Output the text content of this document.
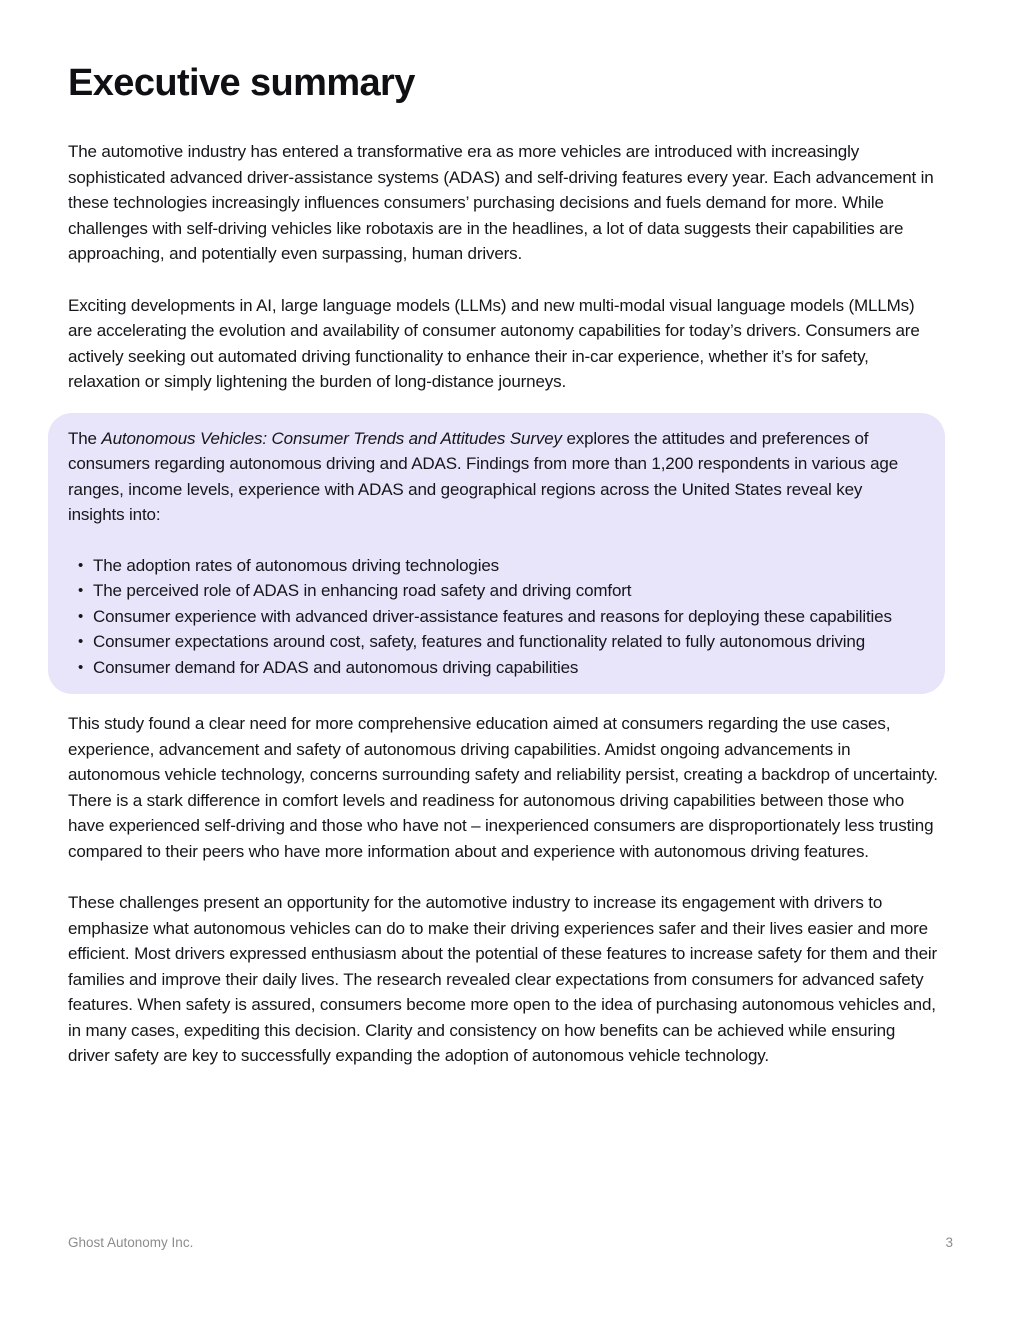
Executive summary

The automotive industry has entered a transformative era as more vehicles are introduced with increasingly sophisticated advanced driver-assistance systems (ADAS) and self-driving features every year. Each advancement in these technologies increasingly influences consumers’ purchasing decisions and fuels demand for more. While challenges with self-driving vehicles like robotaxis are in the headlines, a lot of data suggests their capabilities are approaching, and potentially even surpassing, human drivers.

Exciting developments in AI, large language models (LLMs) and new multi-modal visual language models (MLLMs) are accelerating the evolution and availability of consumer autonomy capabilities for today’s drivers. Consumers are actively seeking out automated driving functionality to enhance their in-car experience, whether it’s for safety, relaxation or simply lightening the burden of long-distance journeys.

The Autonomous Vehicles: Consumer Trends and Attitudes Survey explores the attitudes and preferences of consumers regarding autonomous driving and ADAS. Findings from more than 1,200 respondents in various age ranges, income levels, experience with ADAS and geographical regions across the United States reveal key insights into:

• The adoption rates of autonomous driving technologies
• The perceived role of ADAS in enhancing road safety and driving comfort
• Consumer experience with advanced driver-assistance features and reasons for deploying these capabilities
• Consumer expectations around cost, safety, features and functionality related to fully autonomous driving
• Consumer demand for ADAS and autonomous driving capabilities

This study found a clear need for more comprehensive education aimed at consumers regarding the use cases, experience, advancement and safety of autonomous driving capabilities. Amidst ongoing advancements in autonomous vehicle technology, concerns surrounding safety and reliability persist, creating a backdrop of uncertainty. There is a stark difference in comfort levels and readiness for autonomous driving capabilities between those who have experienced self-driving and those who have not – inexperienced consumers are disproportionately less trusting compared to their peers who have more information about and experience with autonomous driving features.

These challenges present an opportunity for the automotive industry to increase its engagement with drivers to emphasize what autonomous vehicles can do to make their driving experiences safer and their lives easier and more efficient. Most drivers expressed enthusiasm about the potential of these features to increase safety for them and their families and improve their daily lives. The research revealed clear expectations from consumers for advanced safety features. When safety is assured, consumers become more open to the idea of purchasing autonomous vehicles and, in many cases, expediting this decision. Clarity and consistency on how benefits can be achieved while ensuring driver safety are key to successfully expanding the adoption of autonomous vehicle technology.

Ghost Autonomy Inc.	3
